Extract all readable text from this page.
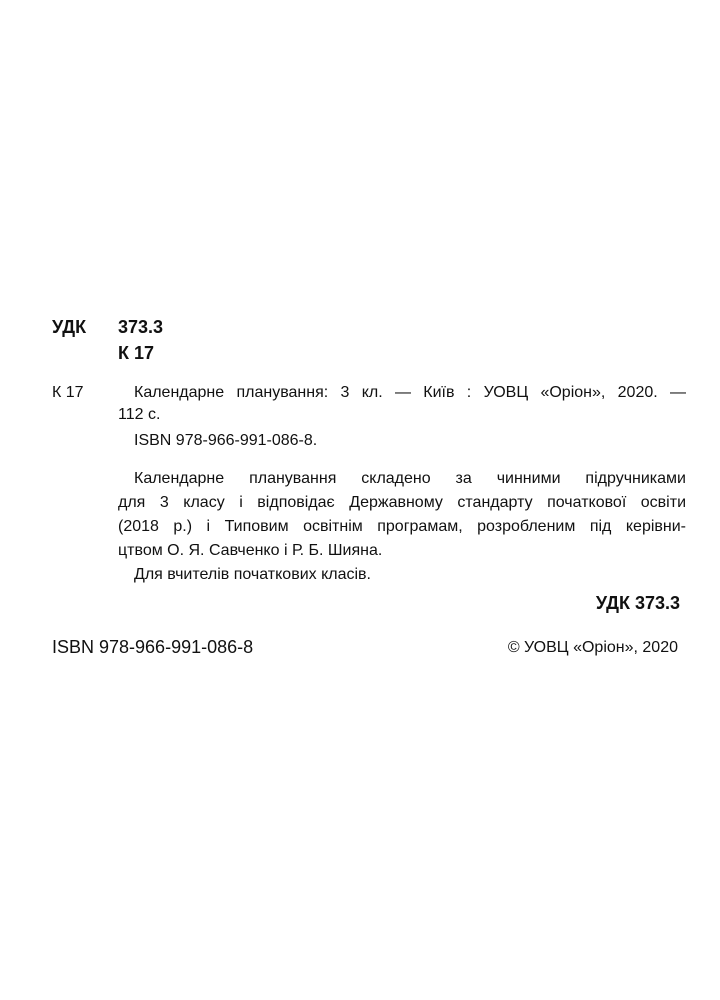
УДК 373.3
К 17
К 17	Календарне планування: 3 кл. — Київ : УОВЦ «Оріон», 2020. —
112 с.
ISBN 978-966-991-086-8.
Календарне планування складено за чинними підручниками
для 3 класу і відповідає Державному стандарту початкової освіти
(2018 р.) і Типовим освітнім програмам, розробленим під керівни-
цтвом О. Я. Савченко і Р. Б. Шияна.
Для вчителів початкових класів.
УДК 373.3
ISBN 978-966-991-086-8	© УОВЦ «Оріон», 2020
